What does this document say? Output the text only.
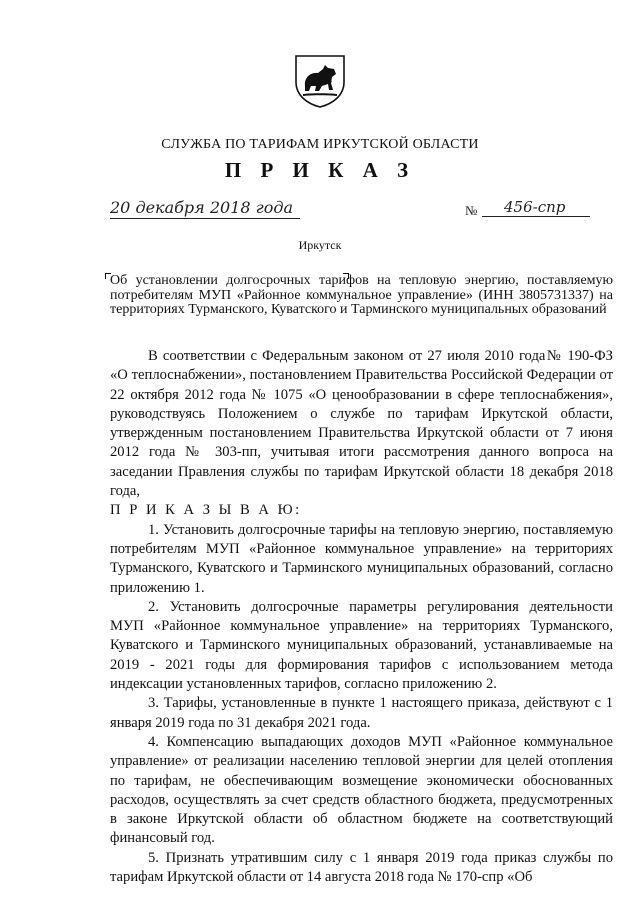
СЛУЖБА ПО ТАРИФАМ ИРКУТСКОЙ ОБЛАСТИ
П Р И К А З
20 декабря 2018 года	№	456-спр
Иркутск
Об установлении долгосрочных тарифов на тепловую энергию, поставляемую потребителям МУП «Районное коммунальное управление» (ИНН 3805731337) на территориях Турманского, Куватского и Тарминского муниципальных образований

В соответствии с Федеральным законом от 27 июля 2010 года№ 190-ФЗ «О теплоснабжении», постановлением Правительства Российской Федерации от 22 октября 2012 года № 1075 «О ценообразовании в сфере теплоснабжения», руководствуясь Положением о службе по тарифам Иркутской области, утвержденным постановлением Правительства Иркутской области от 7 июня 2012 года № 303-пп, учитывая итоги рассмотрения данного вопроса на заседании Правления службы по тарифам Иркутской области 18 декабря 2018 года,

П Р И К А З Ы В А Ю:

1. Установить долгосрочные тарифы на тепловую энергию, поставляемую потребителям МУП «Районное коммунальное управление» на территориях Турманского, Куватского и Тарминского муниципальных образований, согласно приложению 1.

2. Установить долгосрочные параметры регулирования деятельности МУП «Районное коммунальное управление» на территориях Турманского, Куватского и Тарминского муниципальных образований, устанавливаемые на 2019 - 2021 годы для формирования тарифов с использованием метода индексации установленных тарифов, согласно приложению 2.

3. Тарифы, установленные в пункте 1 настоящего приказа, действуют с 1 января 2019 года по 31 декабря 2021 года.

4. Компенсацию выпадающих доходов МУП «Районное коммунальное управление» от реализации населению тепловой энергии для целей отопления по тарифам, не обеспечивающим возмещение экономически обоснованных расходов, осуществлять за счет средств областного бюджета, предусмотренных в законе Иркутской области об областном бюджете на соответствующий финансовый год.

5. Признать утратившим силу с 1 января 2019 года приказ службы по тарифам Иркутской области от 14 августа 2018 года № 170-спр «Об
